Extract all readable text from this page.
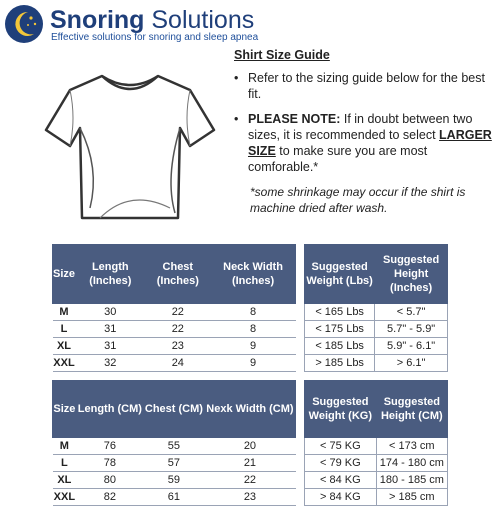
Snoring Solutions
Effective solutions for snoring and sleep apnea
Shirt Size Guide
• Refer to the sizing guide below for the best fit.
• PLEASE NOTE: If in doubt between two sizes, it is recommended to select LARGER SIZE to make sure you are most comforable.*
*some shrinkage may occur if the shirt is machine dried after wash.
Size	Length (Inches)	Chest (Inches)	Neck Width (Inches)
M	30	22	8
L	31	22	8
XL	31	23	9
XXL	32	24	9
Suggested Weight (Lbs)	Suggested Height (Inches)
< 165 Lbs	< 5.7"
< 175 Lbs	5.7" - 5.9"
< 185 Lbs	5.9" - 6.1"
> 185 Lbs	> 6.1"
Size	Length (CM)	Chest (CM)	Nexk Width (CM)
M	76	55	20
L	78	57	21
XL	80	59	22
XXL	82	61	23
Suggested Weight (KG)	Suggested Height (CM)
< 75 KG	< 173 cm
< 79 KG	174 - 180 cm
< 84 KG	180 - 185 cm
> 84 KG	> 185 cm
